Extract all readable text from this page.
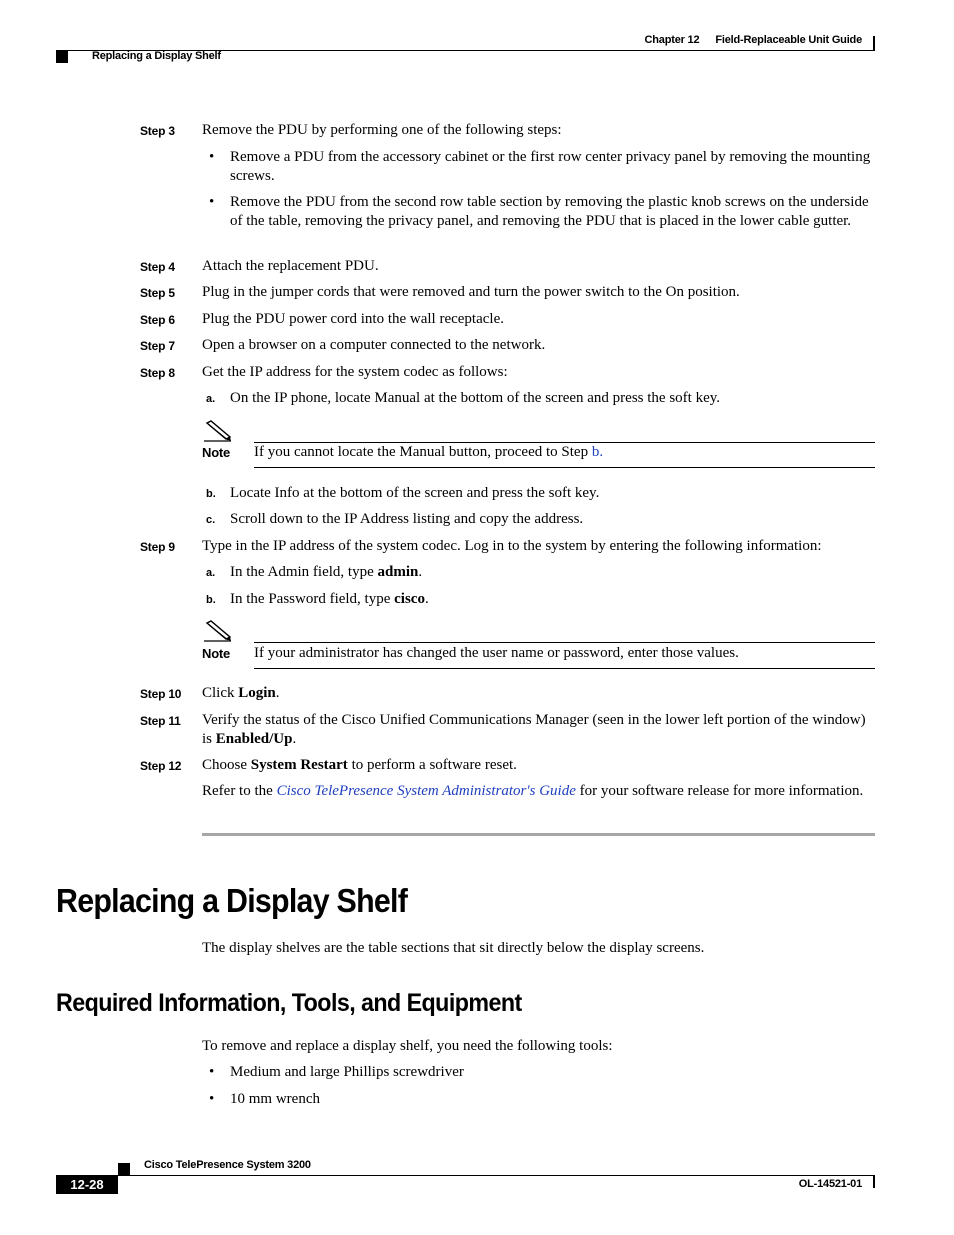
Chapter 12 Field-Replaceable Unit Guide
Replacing a Display Shelf
Step 3 Remove the PDU by performing one of the following steps:
• Remove a PDU from the accessory cabinet or the first row center privacy panel by removing the mounting screws.
• Remove the PDU from the second row table section by removing the plastic knob screws on the underside of the table, removing the privacy panel, and removing the PDU that is placed in the lower cable gutter.
Step 4 Attach the replacement PDU.
Step 5 Plug in the jumper cords that were removed and turn the power switch to the On position.
Step 6 Plug the PDU power cord into the wall receptacle.
Step 7 Open a browser on a computer connected to the network.
Step 8 Get the IP address for the system codec as follows:
a. On the IP phone, locate Manual at the bottom of the screen and press the soft key.
Note If you cannot locate the Manual button, proceed to Step b.
b. Locate Info at the bottom of the screen and press the soft key.
c. Scroll down to the IP Address listing and copy the address.
Step 9 Type in the IP address of the system codec. Log in to the system by entering the following information:
a. In the Admin field, type admin.
b. In the Password field, type cisco.
Note If your administrator has changed the user name or password, enter those values.
Step 10 Click Login.
Step 11 Verify the status of the Cisco Unified Communications Manager (seen in the lower left portion of the window) is Enabled/Up.
Step 12 Choose System Restart to perform a software reset.
Refer to the Cisco TelePresence System Administrator's Guide for your software release for more information.
Replacing a Display Shelf
The display shelves are the table sections that sit directly below the display screens.
Required Information, Tools, and Equipment
To remove and replace a display shelf, you need the following tools:
• Medium and large Phillips screwdriver
• 10 mm wrench
Cisco TelePresence System 3200
12-28	OL-14521-01
